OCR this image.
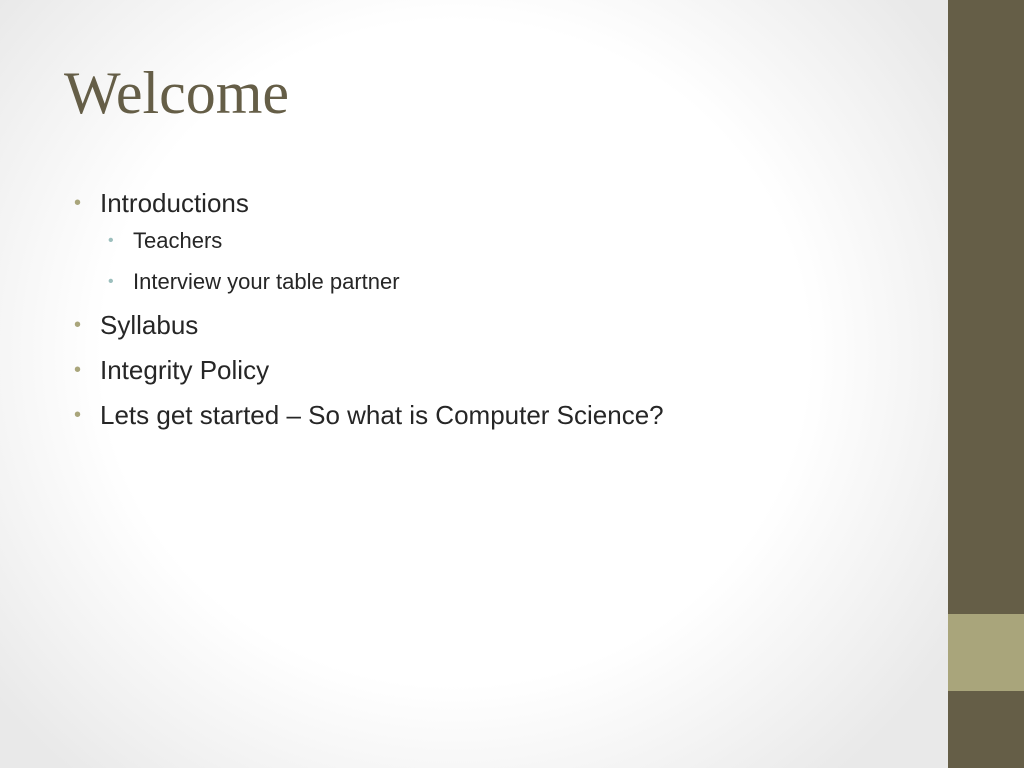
Welcome
• Introductions
• Teachers
• Interview your table partner
• Syllabus
• Integrity Policy
• Lets get started – So what is Computer Science?
